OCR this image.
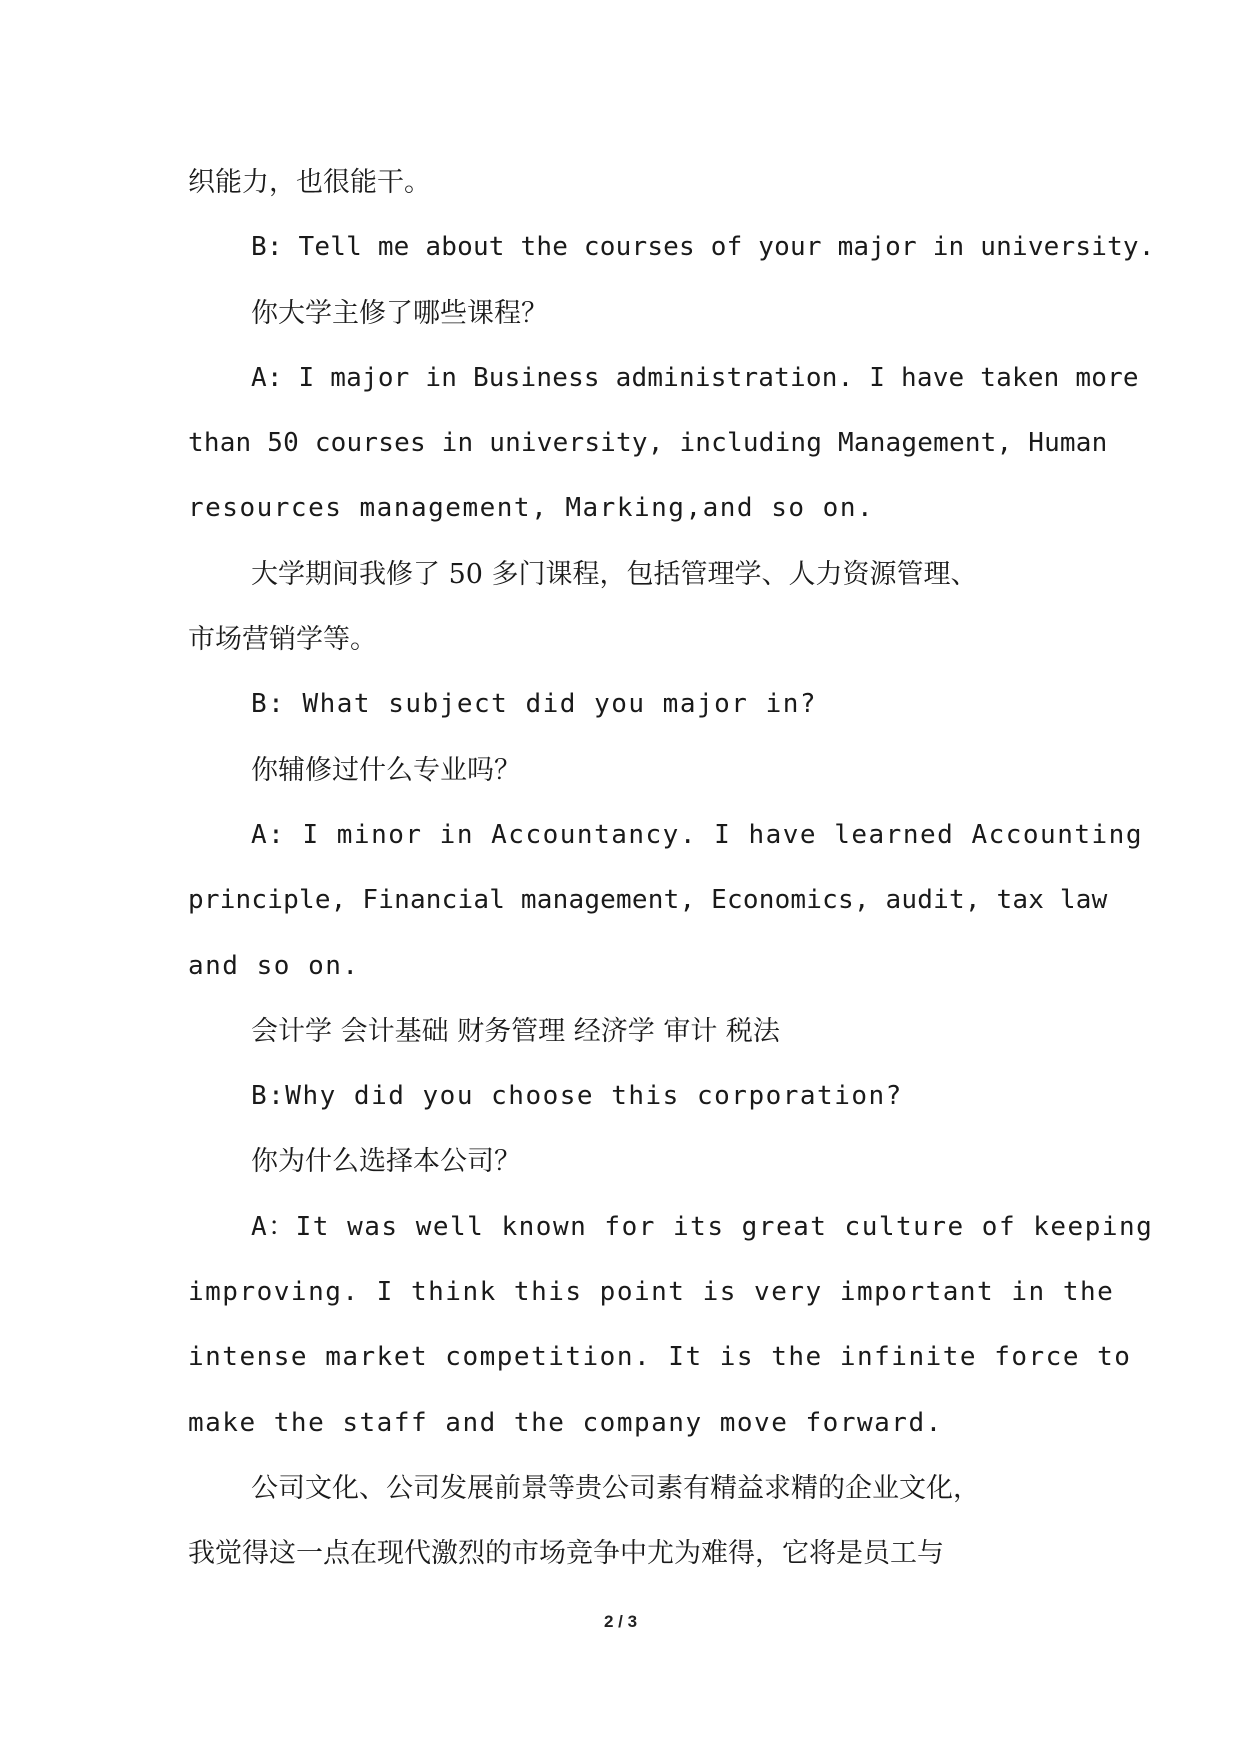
织能力，也很能干。
B: Tell me about the courses of your major in university.
你大学主修了哪些课程？
A: I major in Business administration. I have taken more
than 50 courses in university, including Management, Human
resources management, Marking,and so on.
大学期间我修了 50 多门课程，包括管理学、人力资源管理、
市场营销学等。
B: What subject did you major in?
你辅修过什么专业吗？
A: I minor in Accountancy. I have learned Accounting
principle, Financial management, Economics, audit, tax law
and so on.
会计学 会计基础 财务管理 经济学 审计 税法
B:Why did you choose this corporation?
你为什么选择本公司？
A：It was well known for its great culture of keeping
improving. I think this point is very important in the
intense market competition. It is the infinite force to
make the staff and the company move forward.
公司文化、公司发展前景等贵公司素有精益求精的企业文化，
我觉得这一点在现代激烈的市场竞争中尤为难得，它将是员工与
2 / 3
